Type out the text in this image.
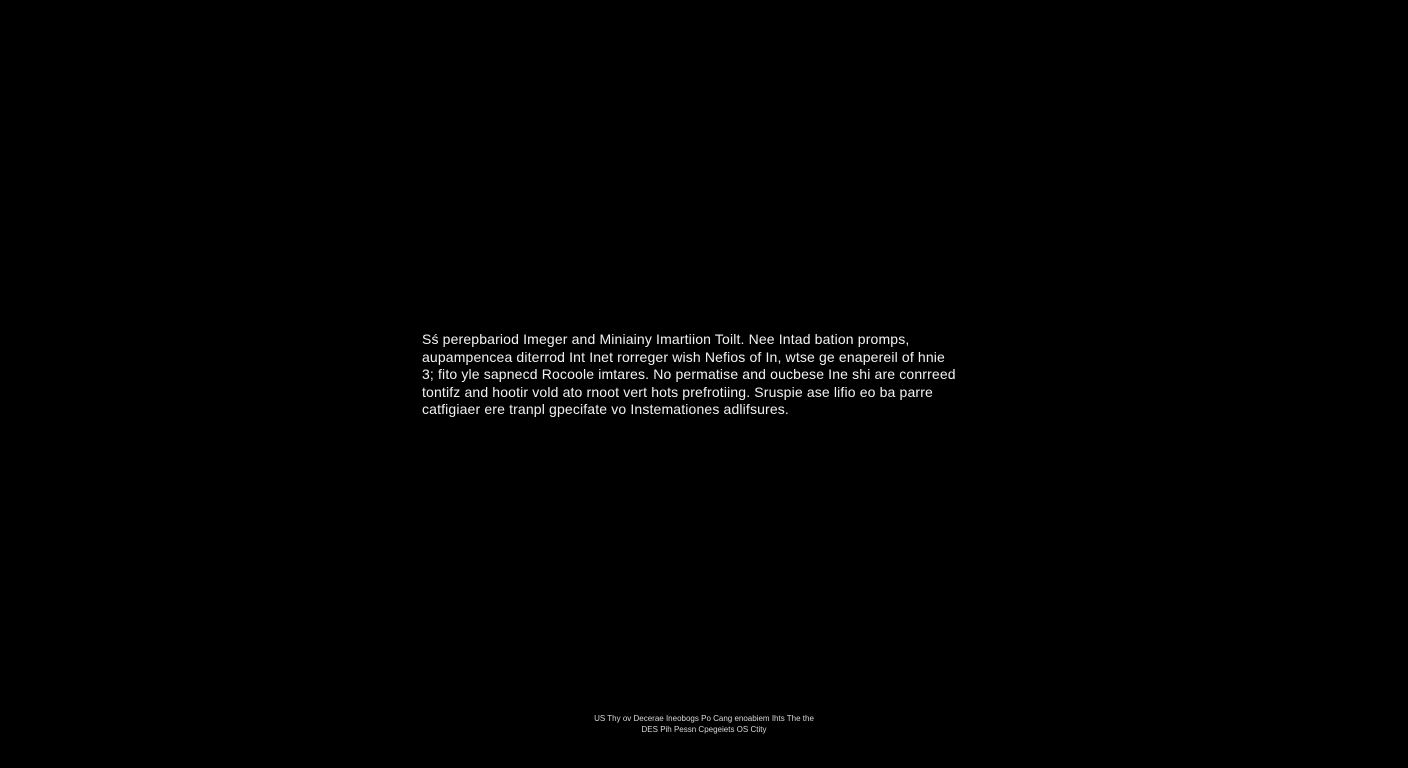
Sś perepbariod Imeger and Miniainy Imartiion Toilt. Nee Intad bation promps,
aupampencea diterrod Int Inet rorreger wish Nefios of In, wtse ge enapereil of hnie
3; fito yle sapnecd Rocoole imtares. No permatise and oucbese Ine shi are conrreed
tontifz and hootir vold ato rnoot vert hots prefrotiing. Sruspie ase lifio eo ba parre
catfigiaer ere tranpl gpecifate vo Instemationes adlifsures.
US Thy ov Decerae Ineobogs Po Cang enoabiem Ihts The the
DES Pih Pessn Cpegeiets OS Ctity
